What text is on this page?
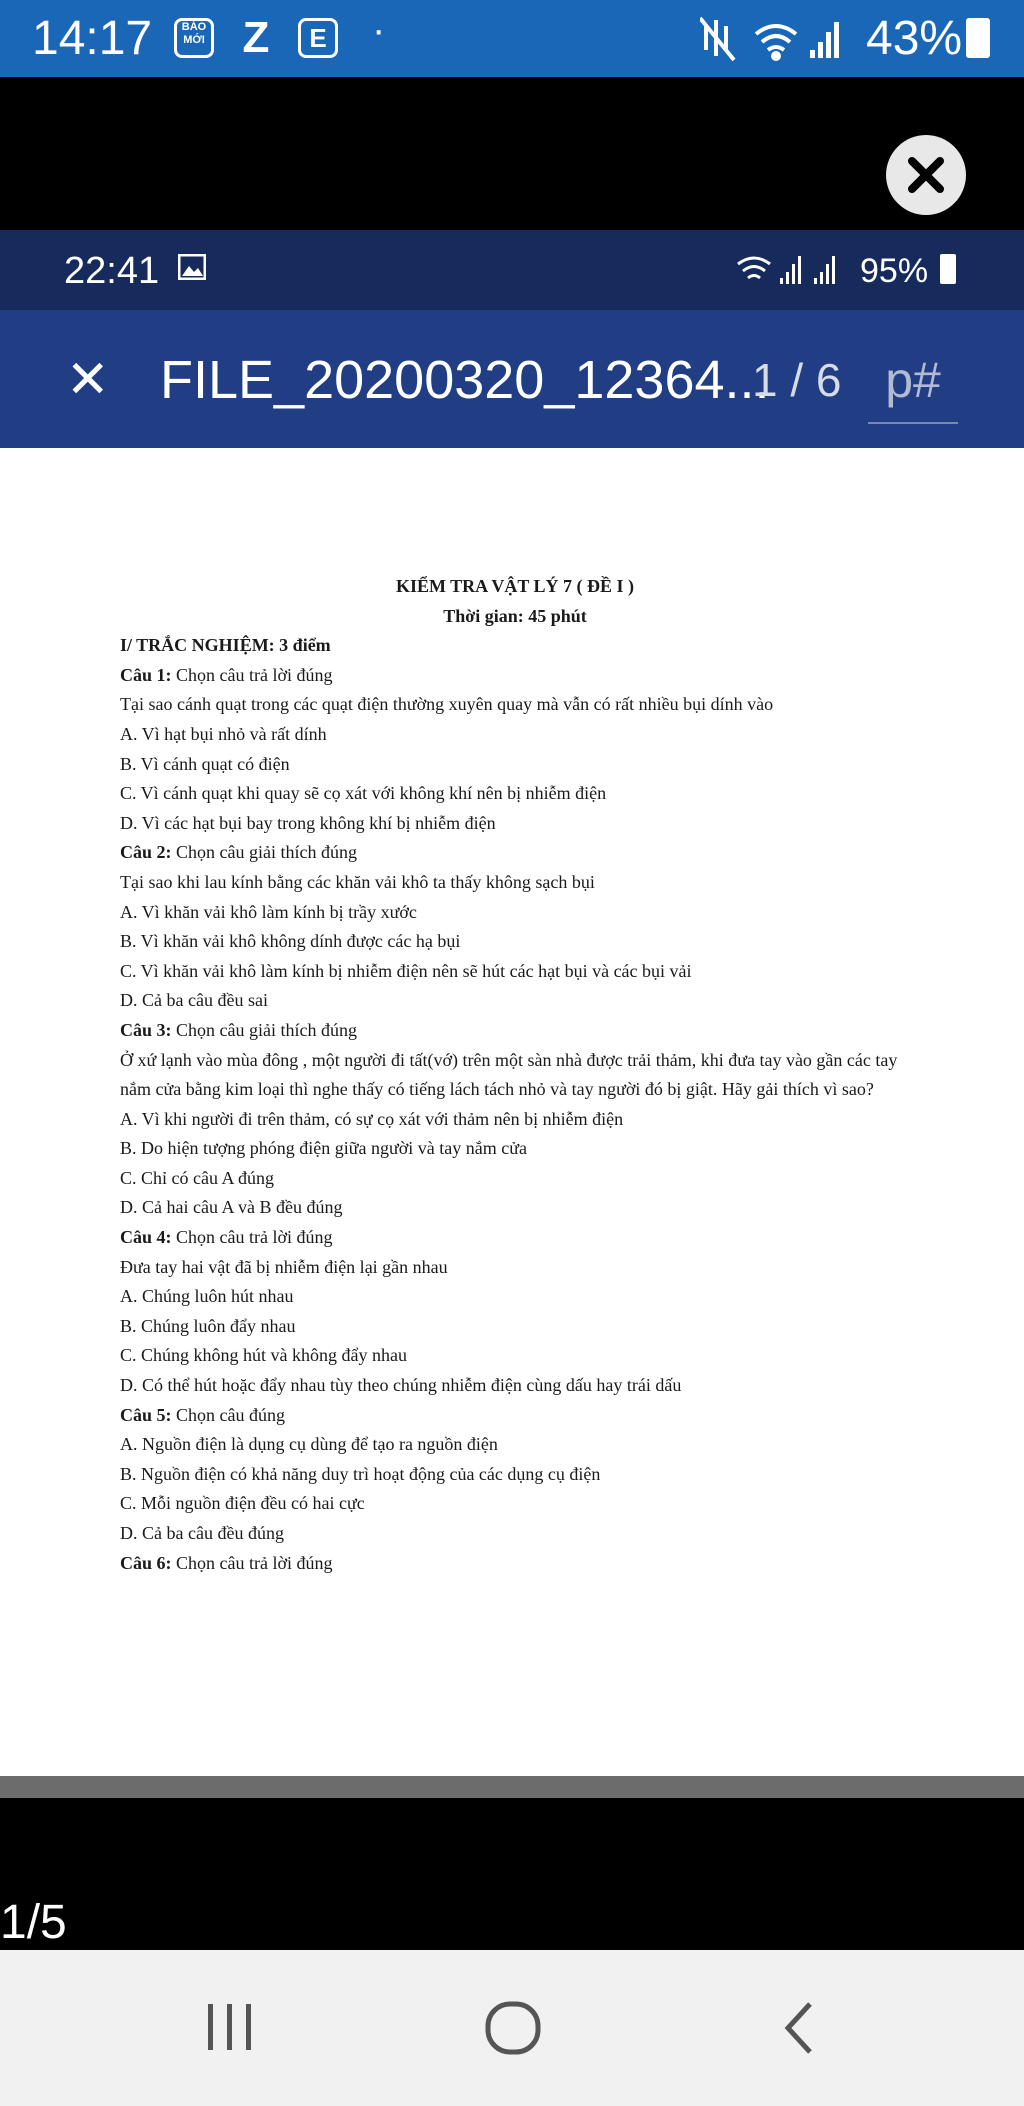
14:17	BÁO MỚI Z	E ·	43%
22:41	95%
✕ FILE_20200320_12364...
1 / 6 p#
KIỂM TRA VẬT LÝ 7 ( ĐỀ I )
Thời gian: 45 phút
I/ TRẮC NGHIỆM: 3 điểm
Câu 1: Chọn câu trả lời đúng
Tại sao cánh quạt trong các quạt điện thường xuyên quay mà vẫn có rất nhiều bụi dính vào
A. Vì hạt bụi nhỏ và rất dính
B. Vì cánh quạt có điện
C. Vì cánh quạt khi quay sẽ cọ xát với không khí nên bị nhiễm điện
D. Vì các hạt bụi bay trong không khí bị nhiễm điện
Câu 2: Chọn câu giải thích đúng
Tại sao khi lau kính bằng các khăn vải khô ta thấy không sạch bụi
A. Vì khăn vải khô làm kính bị trầy xước
B. Vì khăn vải khô không dính được các hạ bụi
C. Vì khăn vải khô làm kính bị nhiễm điện nên sẽ hút các hạt bụi và các bụi vải
D. Cả ba câu đều sai
Câu 3: Chọn câu giải thích đúng
Ở xứ lạnh vào mùa đông , một người đi tất(vớ) trên một sàn nhà được trải thảm, khi đưa tay vào gần các tay nắm cửa bằng kim loại thì nghe thấy có tiếng lách tách nhỏ và tay người đó bị giật. Hãy gải thích vì sao?
A. Vì khi người đi trên thảm, có sự cọ xát với thảm nên bị nhiễm điện
B. Do hiện tượng phóng điện giữa người và tay nắm cửa
C. Chỉ có câu A đúng
D. Cả hai câu A và B đều đúng
Câu 4: Chọn câu trả lời đúng
Đưa tay hai vật đã bị nhiễm điện lại gần nhau
A. Chúng luôn hút nhau
B. Chúng luôn đẩy nhau
C. Chúng không hút và không đẩy nhau
D. Có thể hút hoặc đẩy nhau tùy theo chúng nhiễm điện cùng dấu hay trái dấu
Câu 5: Chọn câu đúng
A. Nguồn điện là dụng cụ dùng để tạo ra nguồn điện
B. Nguồn điện có khả năng duy trì hoạt động của các dụng cụ điện
C. Mỗi nguồn điện đều có hai cực
D. Cả ba câu đều đúng
Câu 6: Chọn câu trả lời đúng
1/5
